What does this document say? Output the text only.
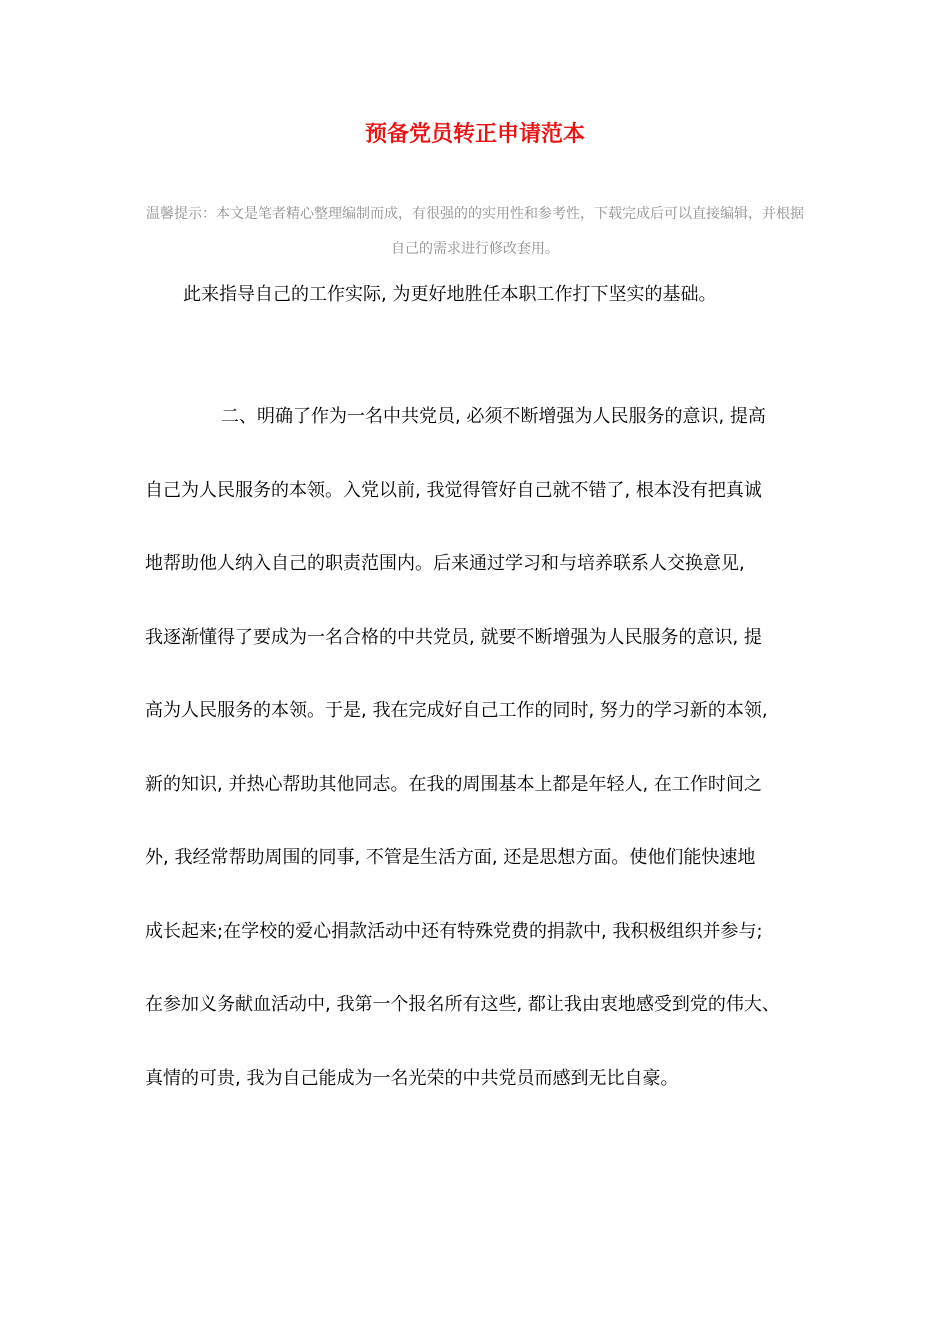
预备党员转正申请范本

温馨提示：本文是笔者精心整理编制而成，有很强的的实用性和参考性，下载完成后可以直接编辑，并根据自己的需求进行修改套用。

此来指导自己的工作实际, 为更好地胜任本职工作打下坚实的基础。

二、明确了作为一名中共党员, 必须不断增强为人民服务的意识, 提高
自己为人民服务的本领。入党以前, 我觉得管好自己就不错了, 根本没有把真诚
地帮助他人纳入自己的职责范围内。后来通过学习和与培养联系人交换意见,
我逐渐懂得了要成为一名合格的中共党员, 就要不断增强为人民服务的意识, 提
高为人民服务的本领。于是, 我在完成好自己工作的同时, 努力的学习新的本领,
新的知识, 并热心帮助其他同志。在我的周围基本上都是年轻人, 在工作时间之
外, 我经常帮助周围的同事, 不管是生活方面, 还是思想方面。使他们能快速地
成长起来;在学校的爱心捐款活动中还有特殊党费的捐款中, 我积极组织并参与;
在参加义务献血活动中, 我第一个报名所有这些, 都让我由衷地感受到党的伟大、
真情的可贵, 我为自己能成为一名光荣的中共党员而感到无比自豪。
